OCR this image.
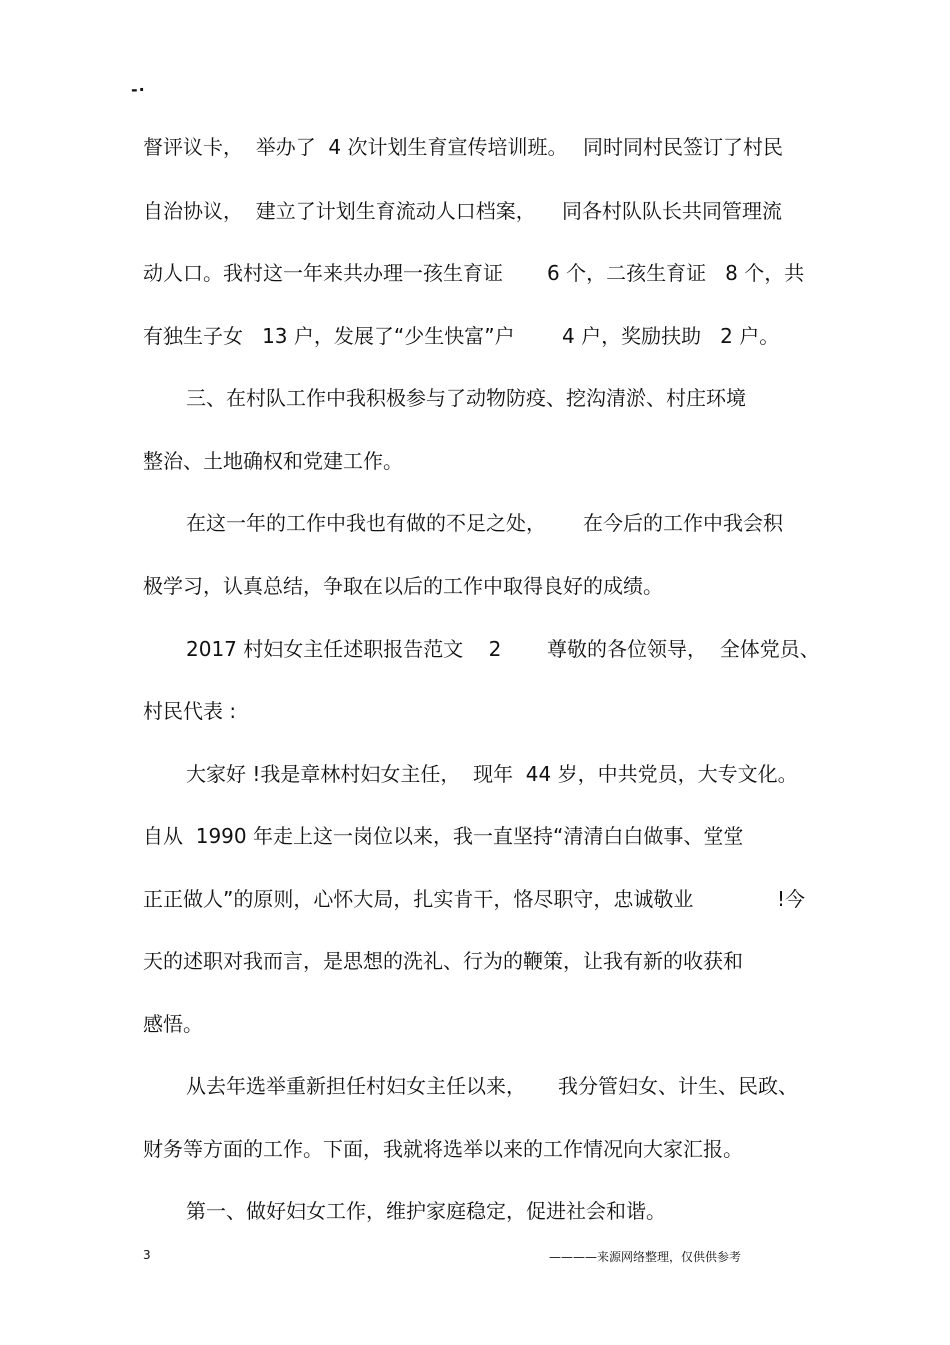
-·

督评议卡，  举办了  4 次计划生育宣传培训班。

同时同村民签订了村民

自治协议，  建立了计划生育流动人口档案，

同各村队队长共同管理流

动人口。我村这一年来共办理一孩生育证

6 个，二孩生育证   8 个，共

有独生子女   13 户，发展了“少生快富”户

4 户，奖励扶助   2 户。

三、在村队工作中我积极参与了动物防疫、挖沟清淤、村庄环境

整治、土地确权和党建工作。

在这一年的工作中我也有做的不足之处，

在今后的工作中我会积

极学习，认真总结，争取在以后的工作中取得良好的成绩。

2017 村妇女主任述职报告范文    2

尊敬的各位领导，  全体党员、

村民代表 :

大家好 !我是章林村妇女主任，  现年  44 岁，中共党员，大专文化。

自从  1990 年走上这一岗位以来，我一直坚持“清清白白做事、堂堂

正正做人”的原则，心怀大局，扎实肯干，恪尽职守，忠诚敬业

	!今

天的述职对我而言，是思想的洗礼、行为的鞭策，让我有新的收获和

感悟。

从去年选举重新担任村妇女主任以来，

我分管妇女、计生、民政、

财务等方面的工作。下面，我就将选举以来的工作情况向大家汇报。

第一、做好妇女工作，维护家庭稳定，促进社会和谐。

3	————来源网络整理，仅供供参考
